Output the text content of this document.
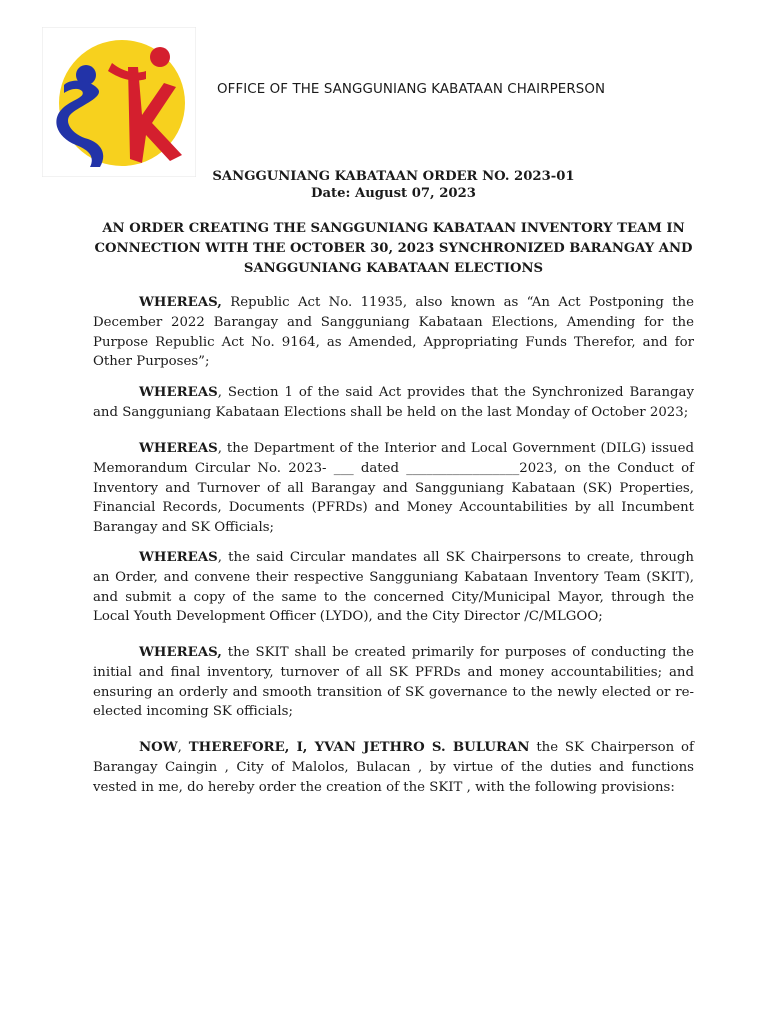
OFFICE OF THE SANGGUNIANG KABATAAN CHAIRPERSON
SANGGUNIANG KABATAAN ORDER NO. 2023-01
Date: August 07, 2023
AN ORDER CREATING THE SANGGUNIANG KABATAAN INVENTORY TEAM IN
CONNECTION WITH THE OCTOBER 30, 2023 SYNCHRONIZED BARANGAY AND
SANGGUNIANG KABATAAN ELECTIONS

WHEREAS, Republic Act No. 11935, also known as “An Act Postponing the December 2022 Barangay and Sangguniang Kabataan Elections, Amending for the Purpose Republic Act No. 9164, as Amended, Appropriating Funds Therefor, and for Other Purposes”;

WHEREAS, Section 1 of the said Act provides that the Synchronized Barangay and Sangguniang Kabataan Elections shall be held on the last Monday of October 2023;

WHEREAS, the Department of the Interior and Local Government (DILG) issued Memorandum Circular No. 2023- ___ dated _________________2023, on the Conduct of Inventory and Turnover of all Barangay and Sangguniang Kabataan (SK) Properties, Financial Records, Documents (PFRDs) and Money Accountabilities by all Incumbent Barangay and SK Officials;

WHEREAS, the said Circular mandates all SK Chairpersons to create, through an Order, and convene their respective Sangguniang Kabataan Inventory Team (SKIT), and submit a copy of the same to the concerned City/Municipal Mayor, through the Local Youth Development Officer (LYDO), and the City Director /C/MLGOO;

WHEREAS, the SKIT shall be created primarily for purposes of conducting the initial and final inventory, turnover of all SK PFRDs and money accountabilities; and ensuring an orderly and smooth transition of SK governance to the newly elected or re-elected incoming SK officials;

NOW, THEREFORE, I, YVAN JETHRO S. BULURAN the SK Chairperson of Barangay Caingin , City of Malolos, Bulacan , by virtue of the duties and functions vested in me, do hereby order the creation of the SKIT , with the following provisions:
